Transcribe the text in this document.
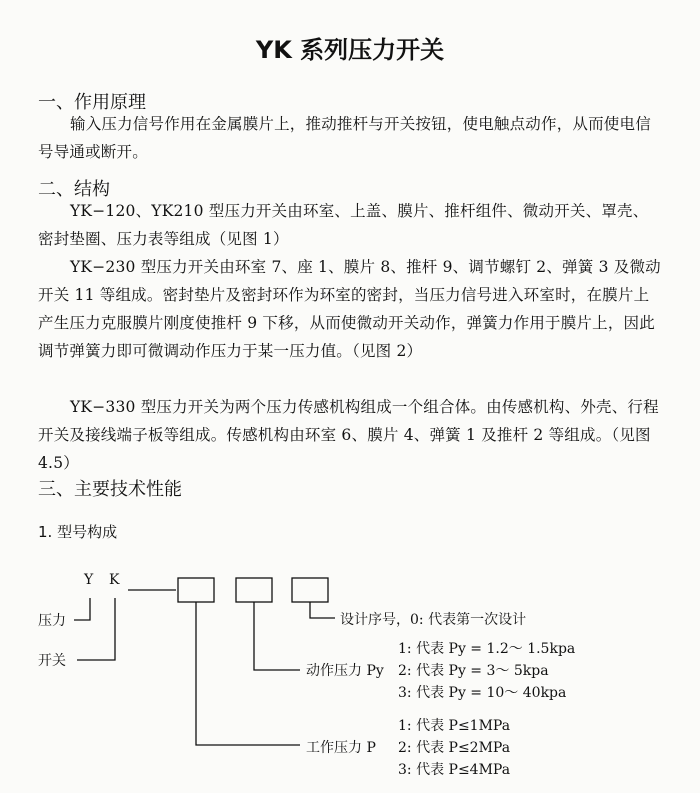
YK 系列压力开关
一、作用原理

输入压力信号作用在金属膜片上，推动推杆与开关按钮，使电触点动作，从而使电信号导通或断开。

二、结构

YK−120、YK210 型压力开关由环室、上盖、膜片、推杆组件、微动开关、罩壳、密封垫圈、压力表等组成（见图 1）

YK−230 型压力开关由环室 7、座 1、膜片 8、推杆 9、调节螺钉 2、弹簧 3 及微动开关 11 等组成。密封垫片及密封环作为环室的密封，当压力信号进入环室时，在膜片上产生压力克服膜片刚度使推杆 9 下移，从而使微动开关动作，弹簧力作用于膜片上，因此调节弹簧力即可微调动作压力于某一压力值。（见图 2）

YK−330 型压力开关为两个压力传感机构组成一个组合体。由传感机构、外壳、行程开关及接线端子板等组成。传感机构由环室 6、膜片 4、弹簧 1 及推杆 2 等组成。（见图 4.5）

三、主要技术性能
1. 型号构成
Y K
压力
开关
设计序号，0: 代表第一次设计
1: 代表 Py = 1.2～ 1.5kpa
动作压力 Py 2: 代表 Py = 3～ 5kpa
3: 代表 Py = 10～ 40kpa
1: 代表 P≤1MPa
工作压力 P 2: 代表 P≤2MPa
3: 代表 P≤4MPa
